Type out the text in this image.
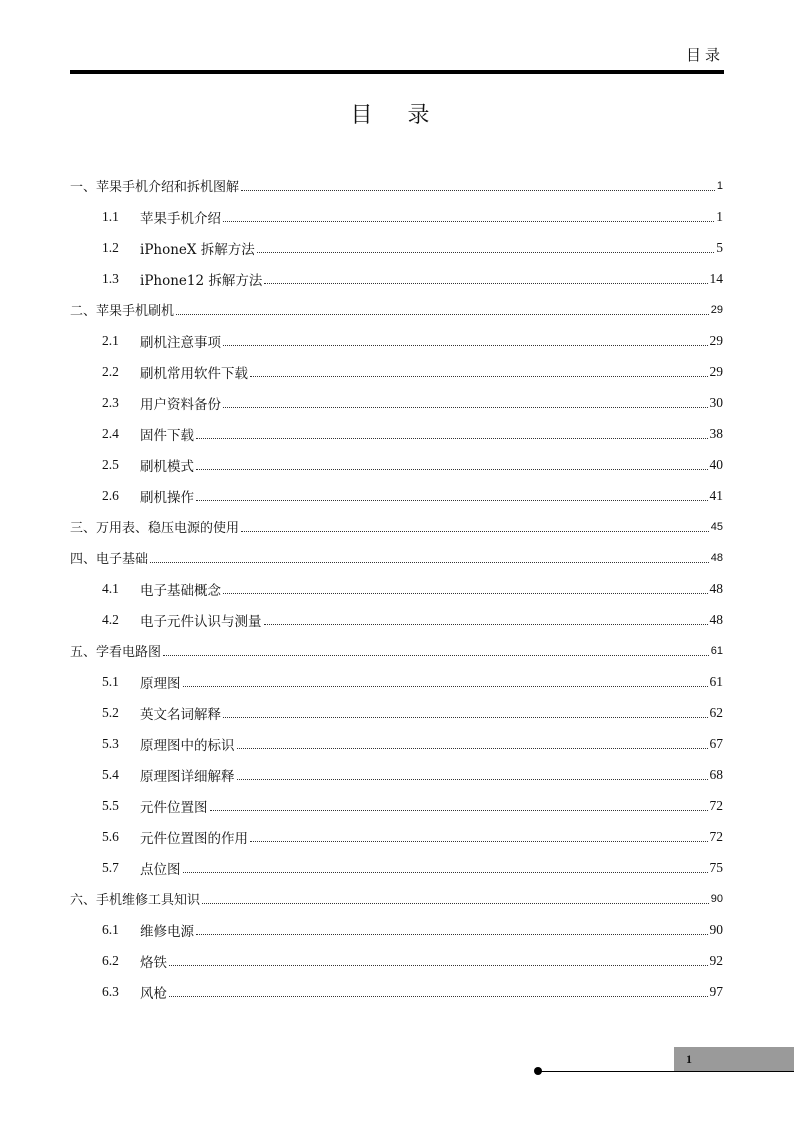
目录
目 录
一、苹果手机介绍和拆机图解	1
1.1	苹果手机介绍	1
1.2	iPhoneX 拆解方法	5
1.3	iPhone12 拆解方法	14
二、苹果手机刷机	29
2.1	刷机注意事项	29
2.2	刷机常用软件下载	29
2.3	用户资料备份	30
2.4	固件下载	38
2.5	刷机模式	40
2.6	刷机操作	41
三、万用表、稳压电源的使用	45
四、电子基础	48
4.1	电子基础概念	48
4.2	电子元件认识与测量	48
五、学看电路图	61
5.1	原理图	61
5.2	英文名词解释	62
5.3	原理图中的标识	67
5.4	原理图详细解释	68
5.5	元件位置图	72
5.6	元件位置图的作用	72
5.7	点位图	75
六、手机维修工具知识	90
6.1	维修电源	90
6.2	烙铁	92
6.3	风枪	97
1
